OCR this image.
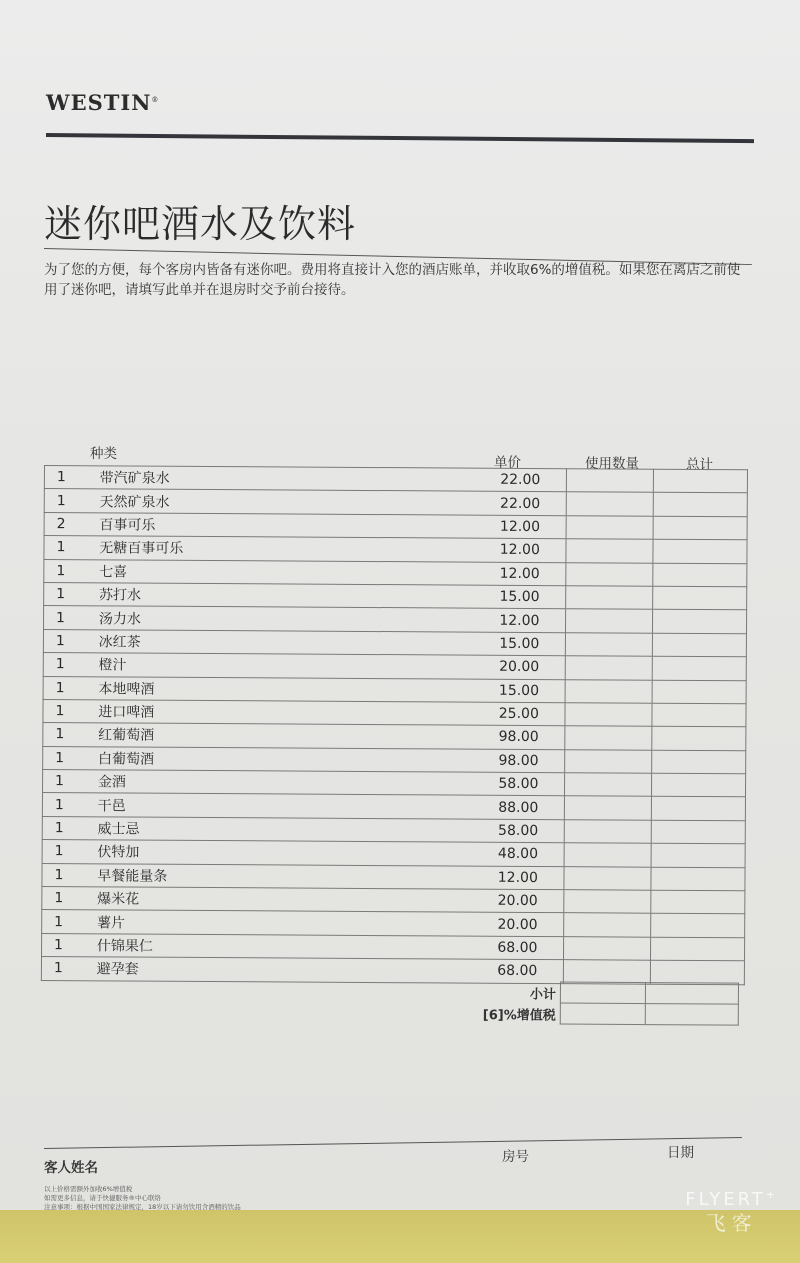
WESTIN®
迷你吧酒水及饮料
为了您的方便，每个客房内皆备有迷你吧。费用将直接计入您的酒店账单，并收取6%的增值税。如果您在离店之前使用了迷你吧，请填写此单并在退房时交予前台接待。
种类
单价	使用数量	总计
1	带汽矿泉水	22.00		
1	天然矿泉水	22.00		
2	百事可乐	12.00		
1	无糖百事可乐	12.00		
1	七喜	12.00		
1	苏打水	15.00		
1	汤力水	12.00		
1	冰红茶	15.00		
1	橙汁	20.00		
1	本地啤酒	15.00		
1	进口啤酒	25.00		
1	红葡萄酒	98.00		
1	白葡萄酒	98.00		
1	金酒	58.00		
1	干邑	88.00		
1	威士忌	58.00		
1	伏特加	48.00		
1	早餐能量条	12.00		
1	爆米花	20.00		
1	薯片	20.00		
1	什锦果仁	68.00		
1	避孕套	68.00		
小计		
[6]%增值税		
客人姓名
房号	日期
以上价格需额外加收6%增值税
如需更多信息，请于快捷服务®中心联络
注意事项：根据中国国家法律规定，18岁以下请勿饮用含酒精的饮品	FLYERT+
飞客
